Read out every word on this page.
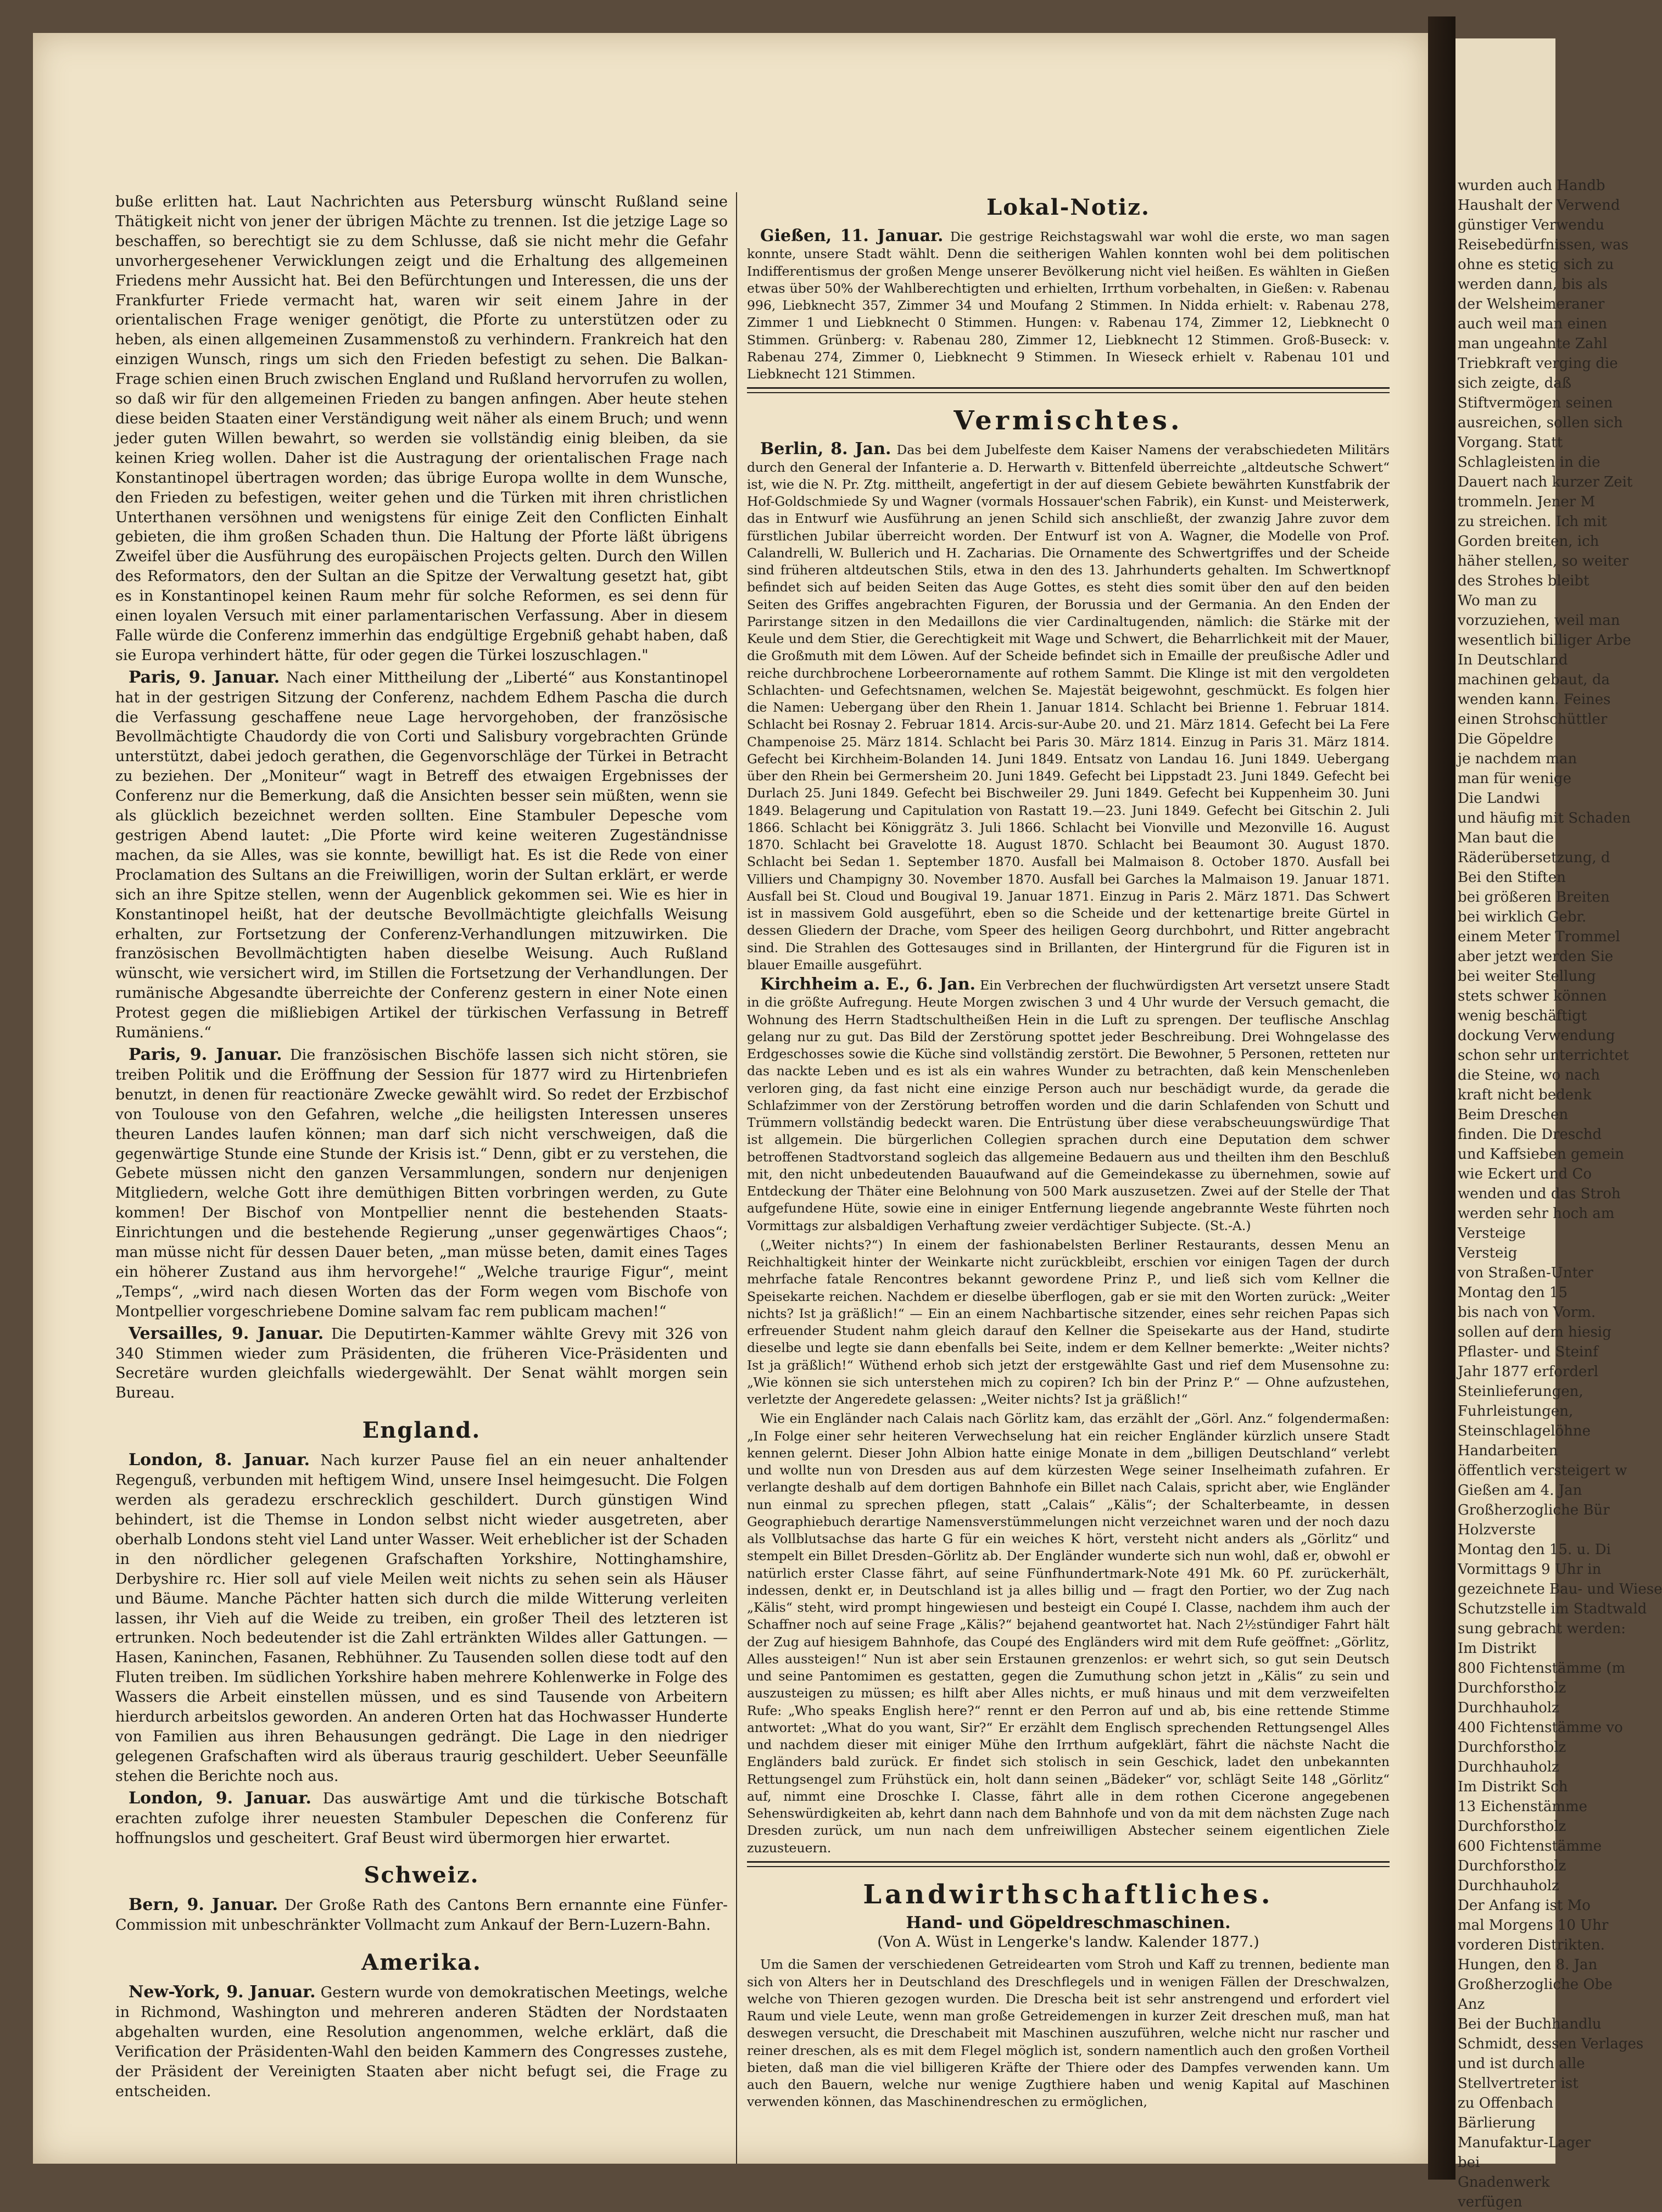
buße erlitten hat. Laut Nachrichten aus Petersburg wünscht Rußland seine Thätigkeit nicht von jener der übrigen Mächte zu trennen. Ist die jetzige Lage so beschaffen, so berechtigt sie zu dem Schlusse, daß sie nicht mehr die Gefahr unvorhergesehener Verwicklungen zeigt und die Erhaltung des allgemeinen Friedens mehr Aussicht hat. Bei den Befürchtungen und Interessen, die uns der Frankfurter Friede vermacht hat, waren wir seit einem Jahre in der orientalischen Frage weniger genötigt, die Pforte zu unterstützen oder zu heben, als einen allgemeinen Zusammenstoß zu verhindern. Frankreich hat den einzigen Wunsch, rings um sich den Frieden befestigt zu sehen. Die Balkan-Frage schien einen Bruch zwischen England und Rußland hervorrufen zu wollen, so daß wir für den allgemeinen Frieden zu bangen anfingen. Aber heute stehen diese beiden Staaten einer Verständigung weit näher als einem Bruch; und wenn jeder guten Willen bewahrt, so werden sie vollständig einig bleiben, da sie keinen Krieg wollen. Daher ist die Austragung der orientalischen Frage nach Konstantinopel übertragen worden; das übrige Europa wollte in dem Wunsche, den Frieden zu befestigen, weiter gehen und die Türken mit ihren christlichen Unterthanen versöhnen und wenigstens für einige Zeit den Conflicten Einhalt gebieten, die ihm großen Schaden thun. Die Haltung der Pforte läßt übrigens Zweifel über die Ausführung des europäischen Projects gelten. Durch den Willen des Reformators, den der Sultan an die Spitze der Verwaltung gesetzt hat, gibt es in Konstantinopel keinen Raum mehr für solche Reformen, es sei denn für einen loyalen Versuch mit einer parlamentarischen Verfassung. Aber in diesem Falle würde die Conferenz immerhin das endgültige Ergebniß gehabt haben, daß sie Europa verhindert hätte, für oder gegen die Türkei loszuschlagen."

Paris, 9. Januar. Nach einer Mittheilung der „Liberté“ aus Konstantinopel hat in der gestrigen Sitzung der Conferenz, nachdem Edhem Pascha die durch die Verfassung geschaffene neue Lage hervorgehoben, der französische Bevollmächtigte Chaudordy die von Corti und Salisbury vorgebrachten Gründe unterstützt, dabei jedoch gerathen, die Gegenvorschläge der Türkei in Betracht zu beziehen. Der „Moniteur“ wagt in Betreff des etwaigen Ergebnisses der Conferenz nur die Bemerkung, daß die Ansichten besser sein müßten, wenn sie als glücklich bezeichnet werden sollten. Eine Stambuler Depesche vom gestrigen Abend lautet: „Die Pforte wird keine weiteren Zugeständnisse machen, da sie Alles, was sie konnte, bewilligt hat. Es ist die Rede von einer Proclamation des Sultans an die Freiwilligen, worin der Sultan erklärt, er werde sich an ihre Spitze stellen, wenn der Augenblick gekommen sei. Wie es hier in Konstantinopel heißt, hat der deutsche Bevollmächtigte gleichfalls Weisung erhalten, zur Fortsetzung der Conferenz-Verhandlungen mitzuwirken. Die französischen Bevollmächtigten haben dieselbe Weisung. Auch Rußland wünscht, wie versichert wird, im Stillen die Fortsetzung der Verhandlungen. Der rumänische Abgesandte überreichte der Conferenz gestern in einer Note einen Protest gegen die mißliebigen Artikel der türkischen Verfassung in Betreff Rumäniens.“

Paris, 9. Januar. Die französischen Bischöfe lassen sich nicht stören, sie treiben Politik und die Eröffnung der Session für 1877 wird zu Hirtenbriefen benutzt, in denen für reactionäre Zwecke gewählt wird. So redet der Erzbischof von Toulouse von den Gefahren, welche „die heiligsten Interessen unseres theuren Landes laufen können; man darf sich nicht verschweigen, daß die gegenwärtige Stunde eine Stunde der Krisis ist.“ Denn, gibt er zu verstehen, die Gebete müssen nicht den ganzen Versammlungen, sondern nur denjenigen Mitgliedern, welche Gott ihre demüthigen Bitten vorbringen werden, zu Gute kommen! Der Bischof von Montpellier nennt die bestehenden Staats-Einrichtungen und die bestehende Regierung „unser gegenwärtiges Chaos“; man müsse nicht für dessen Dauer beten, „man müsse beten, damit eines Tages ein höherer Zustand aus ihm hervorgehe!“ „Welche traurige Figur“, meint „Temps“, „wird nach diesen Worten das der Form wegen vom Bischofe von Montpellier vorgeschriebene Domine salvam fac rem publicam machen!“

Versailles, 9. Januar. Die Deputirten-Kammer wählte Grevy mit 326 von 340 Stimmen wieder zum Präsidenten, die früheren Vice-Präsidenten und Secretäre wurden gleichfalls wiedergewählt. Der Senat wählt morgen sein Bureau.

England.

London, 8. Januar. Nach kurzer Pause fiel an ein neuer anhaltender Regenguß, verbunden mit heftigem Wind, unsere Insel heimgesucht. Die Folgen werden als geradezu erschrecklich geschildert. Durch günstigen Wind behindert, ist die Themse in London selbst nicht wieder ausgetreten, aber oberhalb Londons steht viel Land unter Wasser. Weit erheblicher ist der Schaden in den nördlicher gelegenen Grafschaften Yorkshire, Nottinghamshire, Derbyshire rc. Hier soll auf viele Meilen weit nichts zu sehen sein als Häuser und Bäume. Manche Pächter hatten sich durch die milde Witterung verleiten lassen, ihr Vieh auf die Weide zu treiben, ein großer Theil des letzteren ist ertrunken. Noch bedeutender ist die Zahl ertränkten Wildes aller Gattungen. — Hasen, Kaninchen, Fasanen, Rebhühner. Zu Tausenden sollen diese todt auf den Fluten treiben. Im südlichen Yorkshire haben mehrere Kohlenwerke in Folge des Wassers die Arbeit einstellen müssen, und es sind Tausende von Arbeitern hierdurch arbeitslos geworden. An anderen Orten hat das Hochwasser Hunderte von Familien aus ihren Behausungen gedrängt. Die Lage in den niedriger gelegenen Grafschaften wird als überaus traurig geschildert. Ueber Seeunfälle stehen die Berichte noch aus.

London, 9. Januar. Das auswärtige Amt und die türkische Botschaft erachten zufolge ihrer neuesten Stambuler Depeschen die Conferenz für hoffnungslos und gescheitert. Graf Beust wird übermorgen hier erwartet.

Schweiz.

Bern, 9. Januar. Der Große Rath des Cantons Bern ernannte eine Fünfer-Commission mit unbeschränkter Vollmacht zum Ankauf der Bern-Luzern-Bahn.

Amerika.

New-York, 9. Januar. Gestern wurde von demokratischen Meetings, welche in Richmond, Washington und mehreren anderen Städten der Nordstaaten abgehalten wurden, eine Resolution angenommen, welche erklärt, daß die Verification der Präsidenten-Wahl den beiden Kammern des Congresses zustehe, der Präsident der Vereinigten Staaten aber nicht befugt sei, die Frage zu entscheiden.

Lokal-Notiz.

Gießen, 11. Januar. Die gestrige Reichstagswahl war wohl die erste, wo man sagen konnte, unsere Stadt wählt. Denn die seitherigen Wahlen konnten wohl bei dem politischen Indifferentismus der großen Menge unserer Bevölkerung nicht viel heißen. Es wählten in Gießen etwas über 50% der Wahlberechtigten und erhielten, Irrthum vorbehalten, in Gießen: v. Rabenau 996, Liebknecht 357, Zimmer 34 und Moufang 2 Stimmen. In Nidda erhielt: v. Rabenau 278, Zimmer 1 und Liebknecht 0 Stimmen. Hungen: v. Rabenau 174, Zimmer 12, Liebknecht 0 Stimmen. Grünberg: v. Rabenau 280, Zimmer 12, Liebknecht 12 Stimmen. Groß-Buseck: v. Rabenau 274, Zimmer 0, Liebknecht 9 Stimmen. In Wieseck erhielt v. Rabenau 101 und Liebknecht 121 Stimmen.

Vermischtes.

Berlin, 8. Jan. Das bei dem Jubelfeste dem Kaiser Namens der verabschiedeten Militärs durch den General der Infanterie a. D. Herwarth v. Bittenfeld überreichte „altdeutsche Schwert“ ist, wie die N. Pr. Ztg. mittheilt, angefertigt in der auf diesem Gebiete bewährten Kunstfabrik der Hof-Goldschmiede Sy und Wagner (vormals Hossauer'schen Fabrik), ein Kunst- und Meisterwerk, das in Entwurf wie Ausführung an jenen Schild sich anschließt, der zwanzig Jahre zuvor dem fürstlichen Jubilar überreicht worden. Der Entwurf ist von A. Wagner, die Modelle von Prof. Calandrelli, W. Bullerich und H. Zacharias. Die Ornamente des Schwertgriffes und der Scheide sind früheren altdeutschen Stils, etwa in den des 13. Jahrhunderts gehalten. Im Schwertknopf befindet sich auf beiden Seiten das Auge Gottes, es steht dies somit über den auf den beiden Seiten des Griffes angebrachten Figuren, der Borussia und der Germania. An den Enden der Parirstange sitzen in den Medaillons die vier Cardinaltugenden, nämlich: die Stärke mit der Keule und dem Stier, die Gerechtigkeit mit Wage und Schwert, die Beharrlichkeit mit der Mauer, die Großmuth mit dem Löwen. Auf der Scheide befindet sich in Emaille der preußische Adler und reiche durchbrochene Lorbeerornamente auf rothem Sammt. Die Klinge ist mit den vergoldeten Schlachten- und Gefechtsnamen, welchen Se. Majestät beigewohnt, geschmückt. Es folgen hier die Namen: Uebergang über den Rhein 1. Januar 1814. Schlacht bei Brienne 1. Februar 1814. Schlacht bei Rosnay 2. Februar 1814. Arcis-sur-Aube 20. und 21. März 1814. Gefecht bei La Fere Champenoise 25. März 1814. Schlacht bei Paris 30. März 1814. Einzug in Paris 31. März 1814. Gefecht bei Kirchheim-Bolanden 14. Juni 1849. Entsatz von Landau 16. Juni 1849. Uebergang über den Rhein bei Germersheim 20. Juni 1849. Gefecht bei Lippstadt 23. Juni 1849. Gefecht bei Durlach 25. Juni 1849. Gefecht bei Bischweiler 29. Juni 1849. Gefecht bei Kuppenheim 30. Juni 1849. Belagerung und Capitulation von Rastatt 19.—23. Juni 1849. Gefecht bei Gitschin 2. Juli 1866. Schlacht bei Königgrätz 3. Juli 1866. Schlacht bei Vionville und Mezonville 16. August 1870. Schlacht bei Gravelotte 18. August 1870. Schlacht bei Beaumont 30. August 1870. Schlacht bei Sedan 1. September 1870. Ausfall bei Malmaison 8. October 1870. Ausfall bei Villiers und Champigny 30. November 1870. Ausfall bei Garches la Malmaison 19. Januar 1871. Ausfall bei St. Cloud und Bougival 19. Januar 1871. Einzug in Paris 2. März 1871. Das Schwert ist in massivem Gold ausgeführt, eben so die Scheide und der kettenartige breite Gürtel in dessen Gliedern der Drache, vom Speer des heiligen Georg durchbohrt, und Ritter angebracht sind. Die Strahlen des Gottesauges sind in Brillanten, der Hintergrund für die Figuren ist in blauer Emaille ausgeführt.

Kirchheim a. E., 6. Jan. Ein Verbrechen der fluchwürdigsten Art versetzt unsere Stadt in die größte Aufregung. Heute Morgen zwischen 3 und 4 Uhr wurde der Versuch gemacht, die Wohnung des Herrn Stadtschultheißen Hein in die Luft zu sprengen. Der teuflische Anschlag gelang nur zu gut. Das Bild der Zerstörung spottet jeder Beschreibung. Drei Wohngelasse des Erdgeschosses sowie die Küche sind vollständig zerstört. Die Bewohner, 5 Personen, retteten nur das nackte Leben und es ist als ein wahres Wunder zu betrachten, daß kein Menschenleben verloren ging, da fast nicht eine einzige Person auch nur beschädigt wurde, da gerade die Schlafzimmer von der Zerstörung betroffen worden und die darin Schlafenden von Schutt und Trümmern vollständig bedeckt waren. Die Entrüstung über diese verabscheuungswürdige That ist allgemein. Die bürgerlichen Collegien sprachen durch eine Deputation dem schwer betroffenen Stadtvorstand sogleich das allgemeine Bedauern aus und theilten ihm den Beschluß mit, den nicht unbedeutenden Bauaufwand auf die Gemeindekasse zu übernehmen, sowie auf Entdeckung der Thäter eine Belohnung von 500 Mark auszusetzen. Zwei auf der Stelle der That aufgefundene Hüte, sowie eine in einiger Entfernung liegende angebrannte Weste führten noch Vormittags zur alsbaldigen Verhaftung zweier verdächtiger Subjecte. (St.-A.)

(„Weiter nichts?“) In einem der fashionabelsten Berliner Restaurants, dessen Menu an Reichhaltigkeit hinter der Weinkarte nicht zurückbleibt, erschien vor einigen Tagen der durch mehrfache fatale Rencontres bekannt gewordene Prinz P., und ließ sich vom Kellner die Speisekarte reichen. Nachdem er dieselbe überflogen, gab er sie mit den Worten zurück: „Weiter nichts? Ist ja gräßlich!“ — Ein an einem Nachbartische sitzender, eines sehr reichen Papas sich erfreuender Student nahm gleich darauf den Kellner die Speisekarte aus der Hand, studirte dieselbe und legte sie dann ebenfalls bei Seite, indem er dem Kellner bemerkte: „Weiter nichts? Ist ja gräßlich!“ Wüthend erhob sich jetzt der erstgewählte Gast und rief dem Musensohne zu: „Wie können sie sich unterstehen mich zu copiren? Ich bin der Prinz P.“ — Ohne aufzustehen, verletzte der Angeredete gelassen: „Weiter nichts? Ist ja gräßlich!“

Wie ein Engländer nach Calais nach Görlitz kam, das erzählt der „Görl. Anz.“ folgendermaßen: „In Folge einer sehr heiteren Verwechselung hat ein reicher Engländer kürzlich unsere Stadt kennen gelernt. Dieser John Albion hatte einige Monate in dem „billigen Deutschland“ verlebt und wollte nun von Dresden aus auf dem kürzesten Wege seiner Inselheimath zufahren. Er verlangte deshalb auf dem dortigen Bahnhofe ein Billet nach Calais, spricht aber, wie Engländer nun einmal zu sprechen pflegen, statt „Calais“ „Kälis“; der Schalterbeamte, in dessen Geographiebuch derartige Namensverstümmelungen nicht verzeichnet waren und der noch dazu als Vollblutsachse das harte G für ein weiches K hört, versteht nicht anders als „Görlitz“ und stempelt ein Billet Dresden–Görlitz ab. Der Engländer wunderte sich nun wohl, daß er, obwohl er natürlich erster Classe fährt, auf seine Fünfhundertmark-Note 491 Mk. 60 Pf. zurückerhält, indessen, denkt er, in Deutschland ist ja alles billig und — fragt den Portier, wo der Zug nach „Kälis“ steht, wird prompt hingewiesen und besteigt ein Coupé I. Classe, nachdem ihm auch der Schaffner noch auf seine Frage „Kälis?“ bejahend geantwortet hat. Nach 2½stündiger Fahrt hält der Zug auf hiesigem Bahnhofe, das Coupé des Engländers wird mit dem Rufe geöffnet: „Görlitz, Alles aussteigen!“ Nun ist aber sein Erstaunen grenzenlos: er wehrt sich, so gut sein Deutsch und seine Pantomimen es gestatten, gegen die Zumuthung schon jetzt in „Kälis“ zu sein und auszusteigen zu müssen; es hilft aber Alles nichts, er muß hinaus und mit dem verzweifelten Rufe: „Who speaks English here?“ rennt er den Perron auf und ab, bis eine rettende Stimme antwortet: „What do you want, Sir?“ Er erzählt dem Englisch sprechenden Rettungsengel Alles und nachdem dieser mit einiger Mühe den Irrthum aufgeklärt, fährt die nächste Nacht die Engländers bald zurück. Er findet sich stolisch in sein Geschick, ladet den unbekannten Rettungsengel zum Frühstück ein, holt dann seinen „Bädeker“ vor, schlägt Seite 148 „Görlitz“ auf, nimmt eine Droschke I. Classe, fährt alle in dem rothen Cicerone angegebenen Sehenswürdigkeiten ab, kehrt dann nach dem Bahnhofe und von da mit dem nächsten Zuge nach Dresden zurück, um nun nach dem unfreiwilligen Abstecher seinem eigentlichen Ziele zuzusteuern.

Landwirthschaftliches.
Hand- und Göpeldreschmaschinen.
(Von A. Wüst in Lengerke's landw. Kalender 1877.)

Um die Samen der verschiedenen Getreidearten vom Stroh und Kaff zu trennen, bediente man sich von Alters her in Deutschland des Dreschflegels und in wenigen Fällen der Dreschwalzen, welche von Thieren gezogen wurden. Die Drescha beit ist sehr anstrengend und erfordert viel Raum und viele Leute, wenn man große Getreidemengen in kurzer Zeit dreschen muß, man hat deswegen versucht, die Dreschabeit mit Maschinen auszuführen, welche nicht nur rascher und reiner dreschen, als es mit dem Flegel möglich ist, sondern namentlich auch den großen Vortheil bieten, daß man die viel billigeren Kräfte der Thiere oder des Dampfes verwenden kann. Um auch den Bauern, welche nur wenige Zugthiere haben und wenig Kapital auf Maschinen verwenden können, das Maschinendreschen zu ermöglichen,

wurden auch Handb
Haushalt der Verwend
günstiger Verwendu
Reisebedürfnissen, was
ohne es stetig sich zu
werden dann, bis als
der Welsheimeraner
auch weil man einen
man ungeahnte Zahl
Triebkraft verging die
sich zeigte, daß
Stiftvermögen seinen
ausreichen, sollen sich
Vorgang. Statt
Schlagleisten in die
Dauert nach kurzer Zeit
trommeln. Jener M
zu streichen. Ich mit
Gorden breiten, ich
häher stellen, so weiter
des Strohes bleibt
Wo man zu
vorzuziehen, weil man
wesentlich billiger Arbe
In Deutschland
machinen gebaut, da
wenden kann. Feines
einen Strohschüttler
Die Göpeldre
je nachdem man
man für wenige
Die Landwi
und häufig mit Schaden
Man baut die
Räderübersetzung, d
Bei den Stiften
bei größeren Breiten
bei wirklich Gebr.
einem Meter Trommel
aber jetzt werden Sie
bei weiter Stellung
stets schwer können
wenig beschäftigt
dockung Verwendung
schon sehr unterrichtet
die Steine, wo nach
kraft nicht bedenk
Beim Dreschen
finden. Die Dreschd
und Kaffsieben gemein
wie Eckert und Co
wenden und das Stroh
werden sehr hoch am
Versteige
Versteig
von Straßen-Unter
Montag den 15
bis nach von Vorm.
sollen auf dem hiesig
Pflaster- und Steinf
Jahr 1877 erforderl
Steinlieferungen,
Fuhrleistungen,
Steinschlagelöhne
Handarbeiten
öffentlich versteigert w
Gießen am 4. Jan
Großherzogliche Bür
Holzverste
Montag den 15. u. Di
Vormittags 9 Uhr in
gezeichnete Bau- und Wiese
Schutzstelle im Stadtwald
sung gebracht werden:
Im Distrikt
800 Fichtenstämme (m
Durchforstholz
Durchhauholz
400 Fichtenstämme vo
Durchforstholz
Durchhauholz
Im Distrikt Sch
13 Eichenstämme
Durchforstholz
600 Fichtenstämme
Durchforstholz
Durchhauholz
Der Anfang ist Mo
mal Morgens 10 Uhr
vorderen Distrikten.
Hungen, den 8. Jan
Großherzogliche Obe
Anz
Bei der Buchhandlu
Schmidt, dessen Verlages
und ist durch alle
Stellvertreter ist
zu Offenbach
Bärlierung
Manufaktur-Lager
bei
Gnadenwerk
verfügen
